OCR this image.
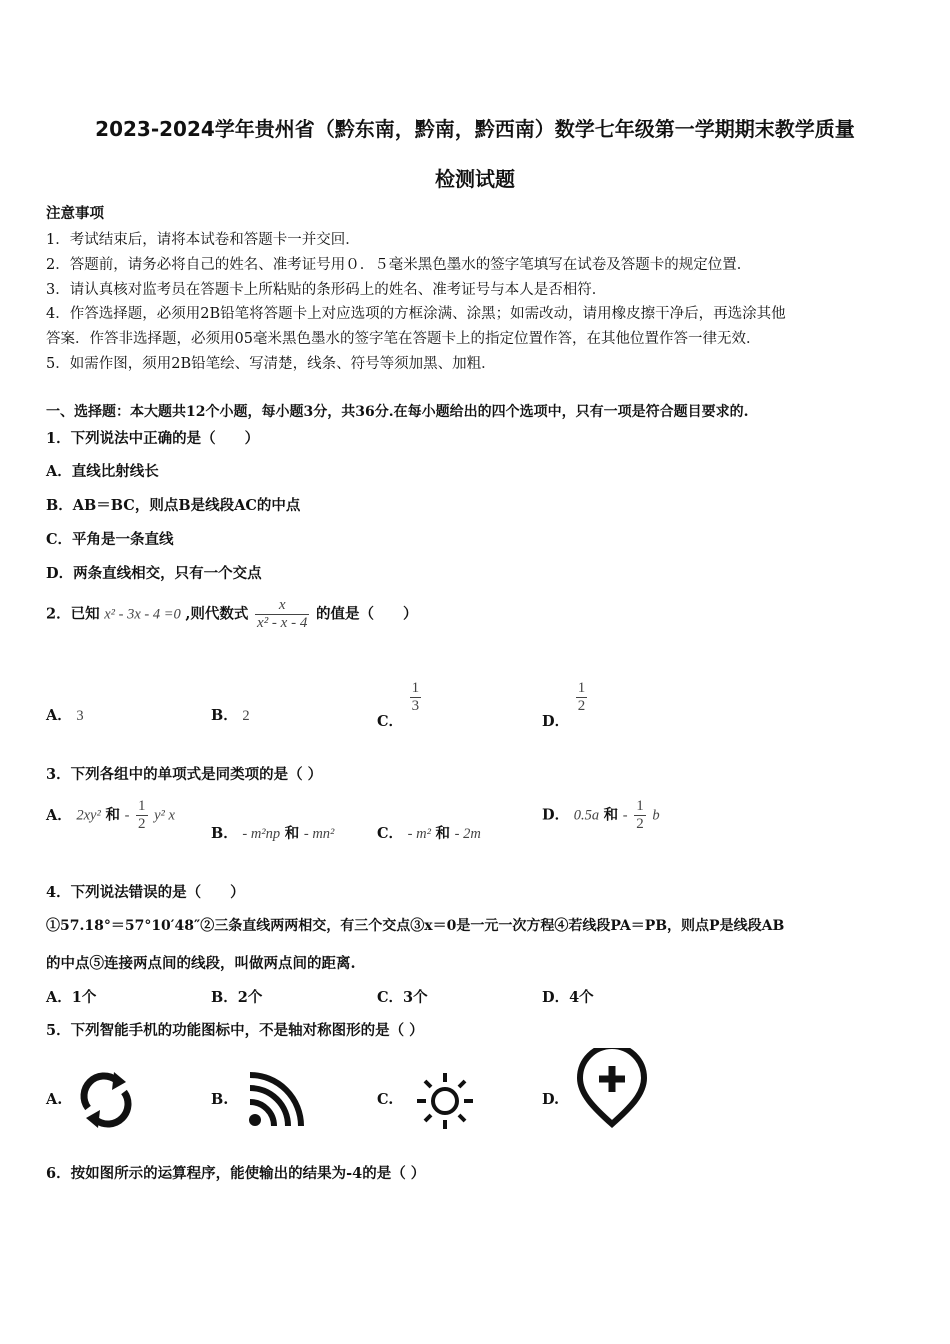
2023-2024学年贵州省（黔东南，黔南，黔西南）数学七年级第一学期期末教学质量
检测试题
注意事项
1．考试结束后，请将本试卷和答题卡一并交回．
2．答题前，请务必将自己的姓名、准考证号用０．５毫米黑色墨水的签字笔填写在试卷及答题卡的规定位置．
3．请认真核对监考员在答题卡上所粘贴的条形码上的姓名、准考证号与本人是否相符．
4．作答选择题，必须用2B铅笔将答题卡上对应选项的方框涂满、涂黑；如需改动，请用橡皮擦干净后，再选涂其他
答案．作答非选择题，必须用05毫米黑色墨水的签字笔在答题卡上的指定位置作答，在其他位置作答一律无效．
5．如需作图，须用2B铅笔绘、写清楚，线条、符号等须加黑、加粗．
一、选择题：本大题共12个小题，每小题3分，共36分.在每小题给出的四个选项中，只有一项是符合题目要求的.
1．下列说法中正确的是（　　）
A．直线比射线长
B．AB＝BC，则点B是线段AC的中点
C．平角是一条直线
D．两条直线相交，只有一个交点
2．已知 x² - 3x - 4 =0 ,则代数式 $\frac{x}{\text{x² - x - 4}}$ 的值是（　　）
A． 3	B． 2	C．
$\frac{1}{3}$
D．
$\frac{1}{2}$
3．下列各组中的单项式是同类项的是（ ）
A． 2xy² 和 - $\frac{1}{2} y^2$ x
B． - m²np 和 - mn²	C． - m² 和 - 2m
D． 0.5a 和 - $\frac{1}{2}$ b
4．下列说法错误的是（　　）
①57.18°＝57°10′48″②三条直线两两相交，有三个交点③x＝0是一元一次方程④若线段PA＝PB，则点P是线段AB
的中点⑤连接两点间的线段，叫做两点间的距离.
A．1个	B．2个	C．3个	D．4个
5．下列智能手机的功能图标中，不是轴对称图形的是（ ）
A.	B.	C.	D.
6．按如图所示的运算程序，能使输出的结果为-4的是（ ）
